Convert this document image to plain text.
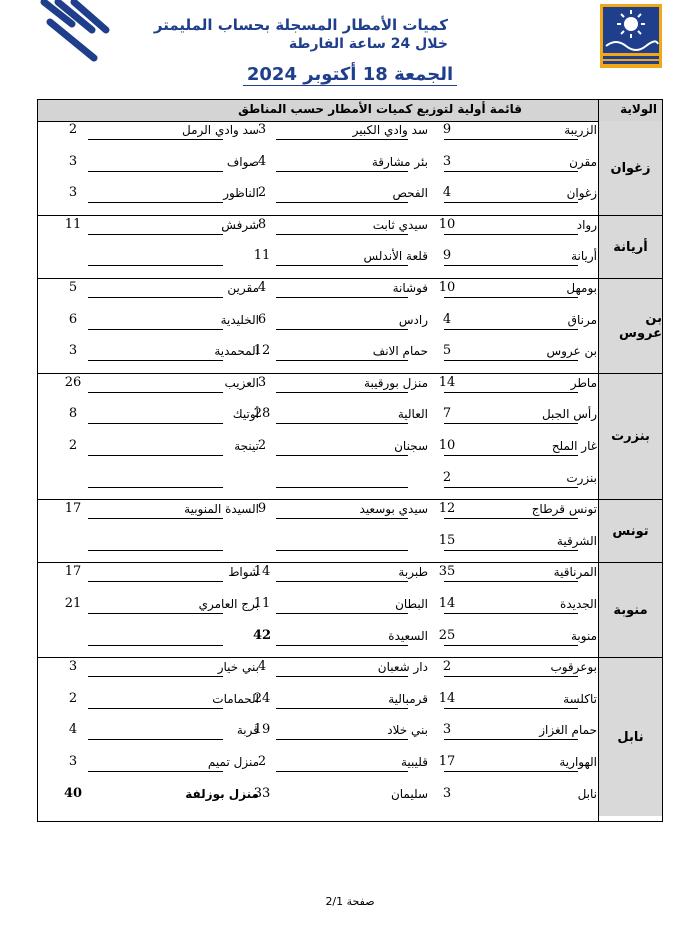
كميات الأمطار المسجلة بحساب المليمتر
خلال 24 ساعة الفارطة
الجمعة 18 أكتوبر 2024
الولاية
قائمة أولية لتوزيع كميات الأمطار حسب المناطق
زغوان
الزريبة
9
سد وادي الكبير
3
سد وادي الرمل
2
مقرن
3
بئر مشارقة
4
صواف
3
زغوان
4
الفحص
2
الناظور
3
أريانة
رواد
10
سيدي ثابت
8
شرفش
11
أريانة
9
قلعة الأندلس
11
بن عروس
بومهل
10
فوشانة
4
مقرين
5
مرناق
4
رادس
6
الخليدية
6
بن عروس
5
حمام الانف
12
المحمدية
3
بنزرت
ماطر
14
منزل بورقيبة
3
العزيب
26
رأس الجبل
7
العالية
28
أوتيك
8
غار الملح
10
سجنان
2
تينجة
2
بنزرت
2
تونس
تونس قرطاج
12
سيدي بوسعيد
9
السيدة المنوبية
17
الشرقية
15
منوبة
المرناقية
35
طبربة
14
شواط
17
الجديدة
14
البطان
11
برج العامري
21
منوبة
25
السعيدة
42
نابل
بوعرقوب
2
دار شعبان
4
بني خيار
3
تاكلسة
14
قرمبالية
24
الحمامات
2
حمام الغزاز
3
بني خلاد
19
قربة
4
الهوارية
17
قليبية
2
منزل تميم
3
نابل
3
سليمان
33
منزل بوزلفة
40
صفحة 2/1
